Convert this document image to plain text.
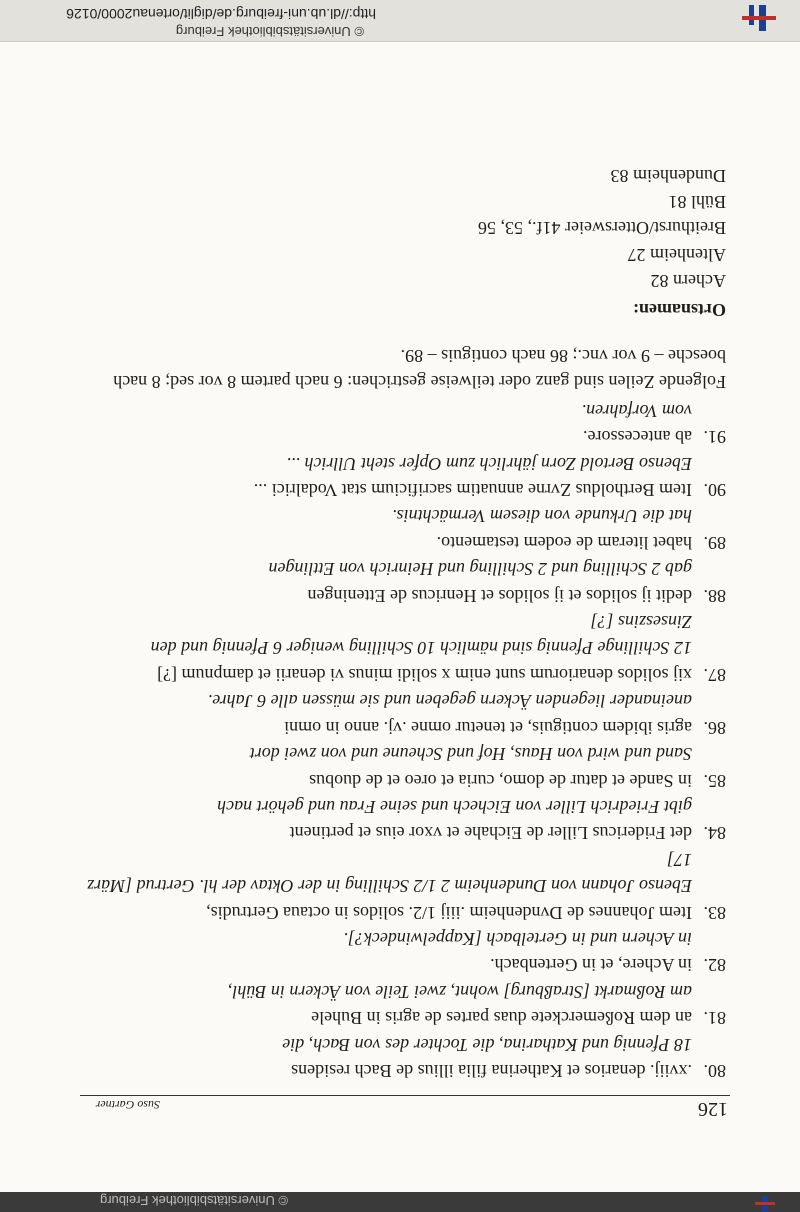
© Universitätsbibliothek Freiburg
126
Suso Gartner
80.
.xviij. denarios et Katherina filia illius de Bach residens
18 Pfennig und Katharina, die Tochter des von Bach, die
81.
an dem Roßemerckete duas partes de agris in Buhele
am Roßmarkt [Straßburg] wohnt, zwei Teile von Äckern in Bühl,
82.
in Achere, et in Gertenbach.
in Achern und in Gertelbach [Kappelwindeck?].
83.
Item Johannes de Dvndenheim .iiij 1/2. solidos in octaua Gertrudis,
Ebenso Johann von Dundenheim 2 1/2 Schilling in der Oktav der hl. Gertrud [März 17]
84.
det Fridericus Liller de Eichahe et vxor eius et pertinent
gibt Friedrich Liller von Eichech und seine Frau und gehört nach
85.
in Sande et datur de domo, curia et oreo et de duobus
Sand und wird von Haus, Hof und Scheune und von zwei dort
86.
agris ibidem contiguis, et tenetur omne .vj. anno in omni
aneinander liegenden Äckern gegeben und sie müssen alle 6 Jahre.
87.
xij solidos denariorum sunt enim x solidi minus vi denarii et dampnum [?]
12 Schillinge Pfennig sind nämlich 10 Schilling weniger 6 Pfennig und den Zinseszins [?]
88.
dedit ij solidos et ij solidos et Henricus de Etteningen
gab 2 Schilling und 2 Schilling und Heinrich von Ettlingen
89.
habet literam de eodem testamento.
hat die Urkunde von diesem Vermächtnis.
90.
Item Bertholdus Zvrne annuatim sacrificium stat Vodalrici ...
Ebenso Bertold Zorn jährlich zum Opfer steht Ullrich ...
91.
ab antecessore.
vom Vorfahren.
Folgende Zeilen sind ganz oder teilweise gestrichen: 6 nach partem 8 vor sed; 8 nach boesche – 9 vor vnc.; 86 nach contiguis – 89.
Ortsnamen:
Achern 82
Altenheim 27
Breithurst/Ottersweier 41f., 53, 56
Bühl 81
Dundenheim 83
© Universitätsbibliothek Freiburg
http://dl.ub.uni-freiburg.de/diglit/ortenau2000/0126
